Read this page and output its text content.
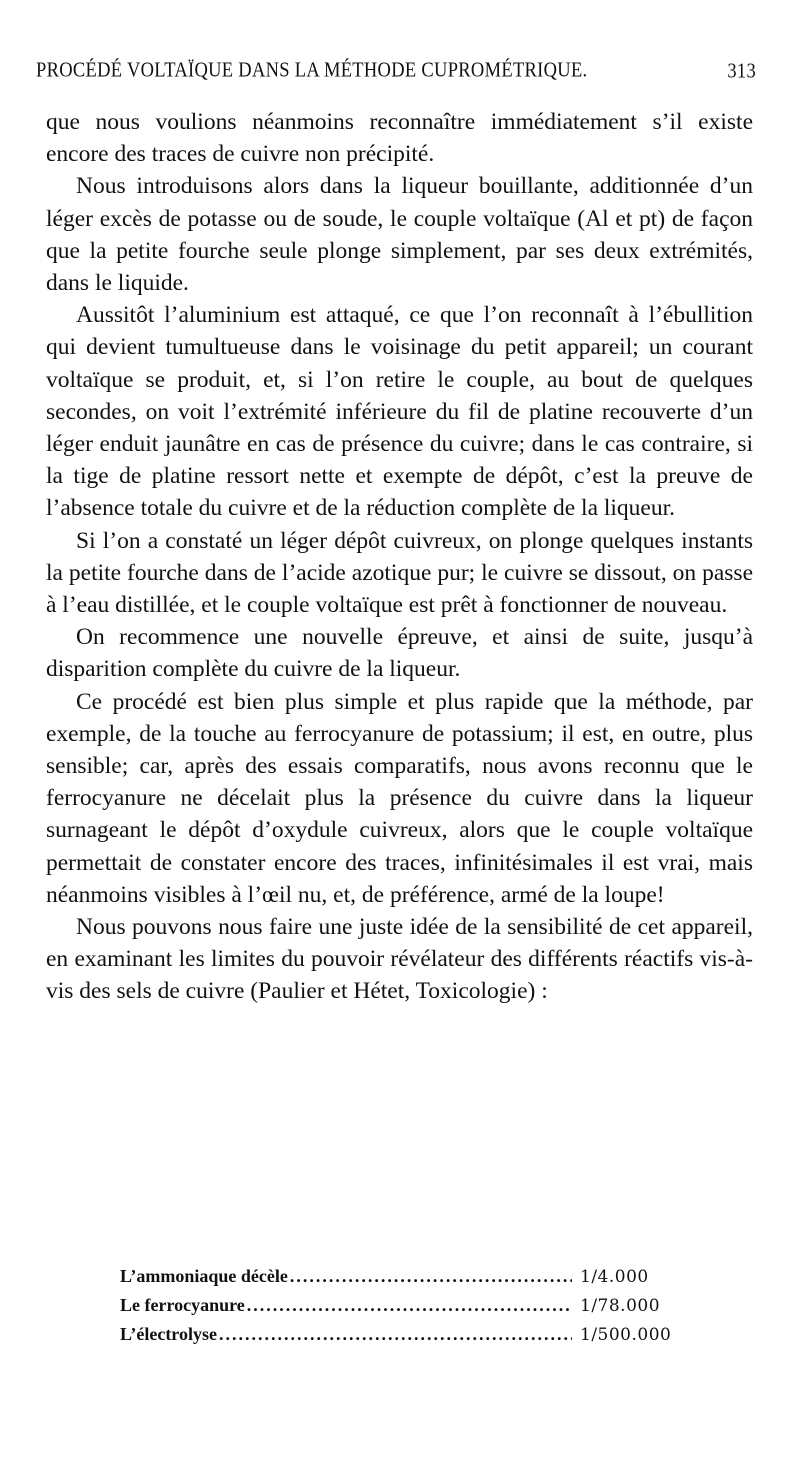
PROCÉDÉ VOLTAÏQUE DANS LA MÉTHODE CUPROMÉTRIQUE.	313

que nous voulions néanmoins reconnaître immédiatement s’il existe encore des traces de cuivre non précipité.

Nous introduisons alors dans la liqueur bouillante, additionnée d’un léger excès de potasse ou de soude, le couple voltaïque (Al et pt) de façon que la petite fourche seule plonge simplement, par ses deux extrémités, dans le liquide.

Aussitôt l’aluminium est attaqué, ce que l’on reconnaît à l’ébullition qui devient tumultueuse dans le voisinage du petit appareil; un courant voltaïque se produit, et, si l’on retire le couple, au bout de quelques secondes, on voit l’extrémité inférieure du fil de platine recouverte d’un léger enduit jaunâtre en cas de présence du cuivre; dans le cas contraire, si la tige de platine ressort nette et exempte de dépôt, c’est la preuve de l’absence totale du cuivre et de la réduction complète de la liqueur.

Si l’on a constaté un léger dépôt cuivreux, on plonge quelques instants la petite fourche dans de l’acide azotique pur; le cuivre se dissout, on passe à l’eau distillée, et le couple voltaïque est prêt à fonctionner de nouveau.

On recommence une nouvelle épreuve, et ainsi de suite, jusqu’à disparition complète du cuivre de la liqueur.

Ce procédé est bien plus simple et plus rapide que la méthode, par exemple, de la touche au ferrocyanure de potassium; il est, en outre, plus sensible; car, après des essais comparatifs, nous avons reconnu que le ferrocyanure ne décelait plus la présence du cuivre dans la liqueur surnageant le dépôt d’oxydule cuivreux, alors que le couple voltaïque permettait de constater encore des traces, infinitésimales il est vrai, mais néanmoins visibles à l’œil nu, et, de préférence, armé de la loupe!

Nous pouvons nous faire une juste idée de la sensibilité de cet appareil, en examinant les limites du pouvoir révélateur des différents réactifs vis-à-vis des sels de cuivre (Paulier et Hétet, Toxicologie) :

L’ammoniaque décèle .....	1/4.000
Le ferrocyanure .....	1/78.000
L’électrolyse .....	1/500.000
